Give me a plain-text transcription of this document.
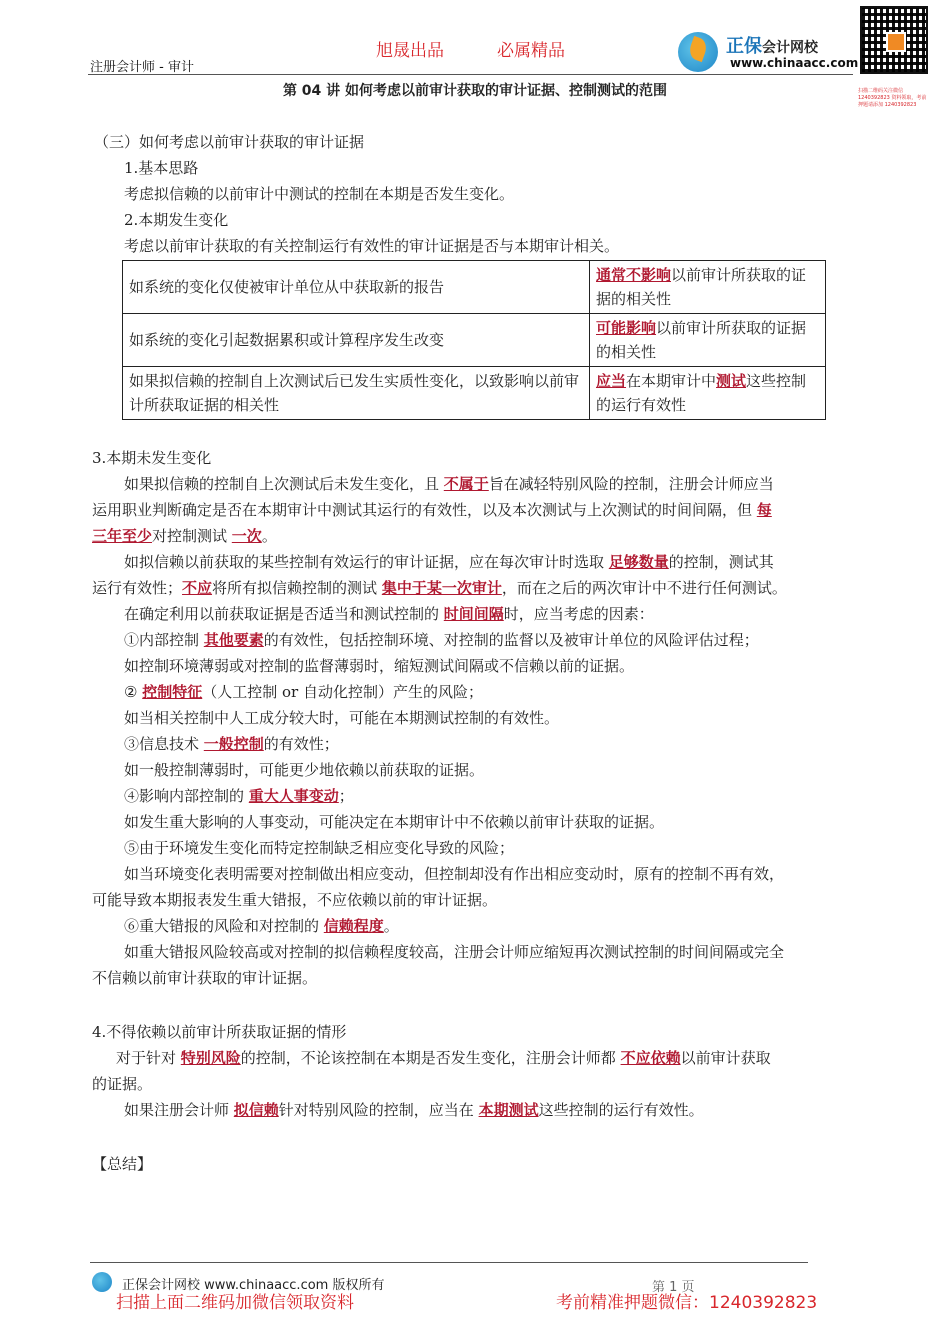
旭晟出品	必属精品
注册会计师 - 审计
正保会计网校
www.chinaacc.com
扫描二维码关注微信 1240392823 资料领取，考前押题请添加 1240392823
第 04 讲 如何考虑以前审计获取的审计证据、控制测试的范围
（三）如何考虑以前审计获取的审计证据
1.基本思路
考虑拟信赖的以前审计中测试的控制在本期是否发生变化。
2.本期发生变化
考虑以前审计获取的有关控制运行有效性的审计证据是否与本期审计相关。
如系统的变化仅使被审计单位从中获取新的报告	通常不影响以前审计所获取的证据的相关性
如系统的变化引起数据累积或计算程序发生改变	可能影响以前审计所获取的证据的相关性
如果拟信赖的控制自上次测试后已发生实质性变化，以致影响以前审计所获取证据的相关性	应当在本期审计中测试这些控制的运行有效性
3.本期未发生变化
如果拟信赖的控制自上次测试后未发生变化，且 不属于旨在减轻特别风险的控制，注册会计师应当
运用职业判断确定是否在本期审计中测试其运行的有效性，以及本次测试与上次测试的时间间隔，但 每
三年至少对控制测试 一次。
如拟信赖以前获取的某些控制有效运行的审计证据，应在每次审计时选取 足够数量的控制，测试其
运行有效性；不应将所有拟信赖控制的测试 集中于某一次审计，而在之后的两次审计中不进行任何测试。
在确定利用以前获取证据是否适当和测试控制的 时间间隔时，应当考虑的因素：
①内部控制 其他要素的有效性，包括控制环境、对控制的监督以及被审计单位的风险评估过程；
如控制环境薄弱或对控制的监督薄弱时，缩短测试间隔或不信赖以前的证据。
② 控制特征（人工控制 or 自动化控制）产生的风险；
如当相关控制中人工成分较大时，可能在本期测试控制的有效性。
③信息技术 一般控制的有效性；
如一般控制薄弱时，可能更少地依赖以前获取的证据。
④影响内部控制的 重大人事变动；
如发生重大影响的人事变动，可能决定在本期审计中不依赖以前审计获取的证据。
⑤由于环境发生变化而特定控制缺乏相应变化导致的风险；
如当环境变化表明需要对控制做出相应变动，但控制却没有作出相应变动时，原有的控制不再有效，
可能导致本期报表发生重大错报，不应依赖以前的审计证据。
⑥重大错报的风险和对控制的 信赖程度。
如重大错报风险较高或对控制的拟信赖程度较高，注册会计师应缩短再次测试控制的时间间隔或完全
不信赖以前审计获取的审计证据。
4.不得依赖以前审计所获取证据的情形
对于针对 特别风险的控制，不论该控制在本期是否发生变化，注册会计师都 不应依赖以前审计获取
的证据。
如果注册会计师 拟信赖针对特别风险的控制，应当在 本期测试这些控制的运行有效性。
【总结】
正保会计网校 www.chinaacc.com 版权所有	第 1 页
扫描上面二维码加微信领取资料	考前精准押题微信：1240392823
